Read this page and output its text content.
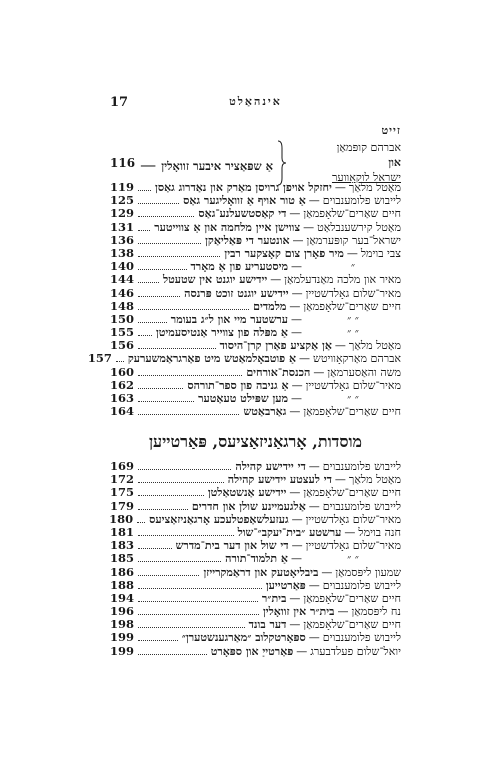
17	אינהאַלט
זייט
116 אַ שפּאַציר איבער זוואָלין
—
אברהם קופּמאַן
און
ישראל לוקאָווער
מאַטל מלאַך
—
יחזקל אויפן גרויסן מאַרק און נאַדרוג גאַסן
119
לייבוש פלומענבוים
—
אַ טור אויף אַ זוואָליגער גאַס
125
חיים שאַרים־שלאָפמאַן
—
די קאַסטשעלנע־גאַס
129
מאַטל קירשענבלאַט
—
צווישן איין מלחמה און אַ צווייטער
131
ישראל־בער קופּערמאַן
—
אונטער די פּאַליאַקן
136
צבי בוימל
—
מיר פאָרן צום קאָצקער רבין
138
״
—
מיסטעריע פון אַ מאָרד
140
מאיר און מלכה מאַנדעלמאַן
—
יידישע יוגנט אין שטעטל
144
מאיר־שלום גאָלדשטיין
—
יידישע יוגנט זוכט פּרנסה
146
חיים שאַרים־שלאָפמאַן
—
מלמדים
148
״ ״
—
ערשטער מיי און ל״ג בעומר
150
״ ״
—
אַ מפּלה פון צווייר אַנטיסעמיטן
155
מאַטל מלאַך
—
אַן אַקציע פאַרן קרן־היסוד
156
אברהם מאַרקאָוויטש
—
אַ פוטבאָלמאַטש מיט פאַרגראַמשערעק
157
משה והאַסערמאַן
—
הכנסת־אורחים
160
מאיר־שלום גאָלדשטיין
—
אַ גניבה פון ספר־תורהס
162
״ ״
—
מען שפּילט טעאַטער
163
חיים שאַרים־שלאָפמאַן
—
גאַרבאַטש
164
מוסדות, אָרגאַניזאַציעס, פּאַרטייען
לייבוש פלומענבוים
—
די יידישע קהילה
169
מאַטל מלאַך
—
די לעצטע יידישע קהילה
172
חיים שאַרים־שלאָפמאַן
—
יידישע אַנשטאַלטן
175
לייבוש פלומענבוים
—
אַלגעמיינע שולן און חדרים
179
מאיר־שלום גאָלדשטיין
—
געזעלשאַפטלעכע אָרגאַניזאַציעס
180
חנה בוימל
—
ערשטע ״בית־יעקב״־שול
181
מאיר־שלום גאָלדשטיין
—
די שול און דער בית־מדרש
183
״ ״
—
אַ תלמוד־תורה
185
שמעון ליפּסמאַן
—
ביבליאָטעק און דראַמקרייזן
186
לייבוש פלומענבוים
—
פּאַרטייען
188
חיים שאַרים־שלאָפמאַן
—
בית״ר
194
נח ליפּסמאַן
—
בית״ר אין זוואָלין
196
חיים שאַרים־שלאָפמאַן
—
דער בונד
198
לייבוש פלומענבוים
—
ספּאָרטקלוב ״מאַרגענשטערן״
199
יואל־שלום פעלדבערג
—
פּאַרטייַ און ספּאָרט
199
